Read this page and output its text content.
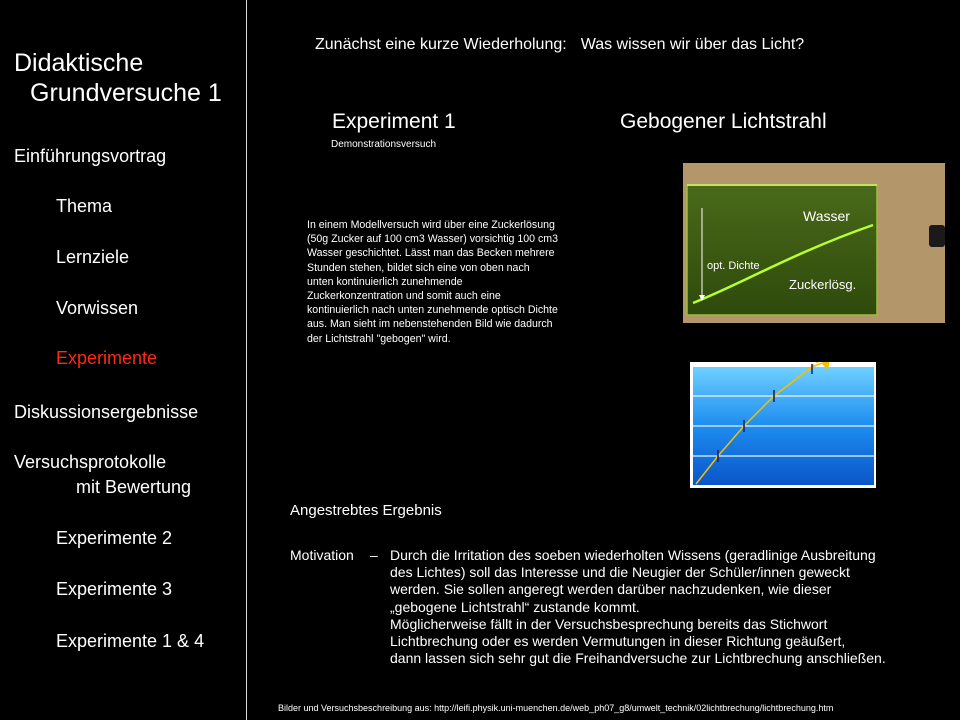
Didaktische
Grundversuche 1
Einführungsvortrag
Thema
Lernziele
Vorwissen
Experimente
Diskussionsergebnisse
Versuchsprotokolle
mit Bewertung
Experimente 2
Experimente 3
Experimente 1 & 4
Zunächst eine kurze Wiederholung: Was wissen wir über das Licht?
Experiment 1
Demonstrationsversuch
Gebogener Lichtstrahl
In einem Modellversuch wird über eine Zuckerlösung (50g Zucker auf 100 cm3 Wasser) vorsichtig 100 cm3 Wasser geschichtet. Lässt man das Becken mehrere Stunden stehen, bildet sich eine von oben nach unten kontinuierlich zunehmende Zuckerkonzentration und somit auch eine kontinuierlich nach unten zunehmende optisch Dichte aus. Man sieht im nebenstehenden Bild wie dadurch der Lichtstrahl "gebogen" wird.
Wasser
opt. Dichte
Zuckerlösg.
Angestrebtes Ergebnis
Motivation – Durch die Irritation des soeben wiederholten Wissens (geradlinige Ausbreitung
des Lichtes) soll das Interesse und die Neugier der Schüler/innen geweckt
werden. Sie sollen angeregt werden darüber nachzudenken, wie dieser
„gebogene Lichtstrahl“ zustande kommt.
Möglicherweise fällt in der Versuchsbesprechung bereits das Stichwort
Lichtbrechung oder es werden Vermutungen in dieser Richtung geäußert,
dann lassen sich sehr gut die Freihandversuche zur Lichtbrechung anschließen.
Bilder und Versuchsbeschreibung aus: http://leifi.physik.uni-muenchen.de/web_ph07_g8/umwelt_technik/02lichtbrechung/lichtbrechung.htm
